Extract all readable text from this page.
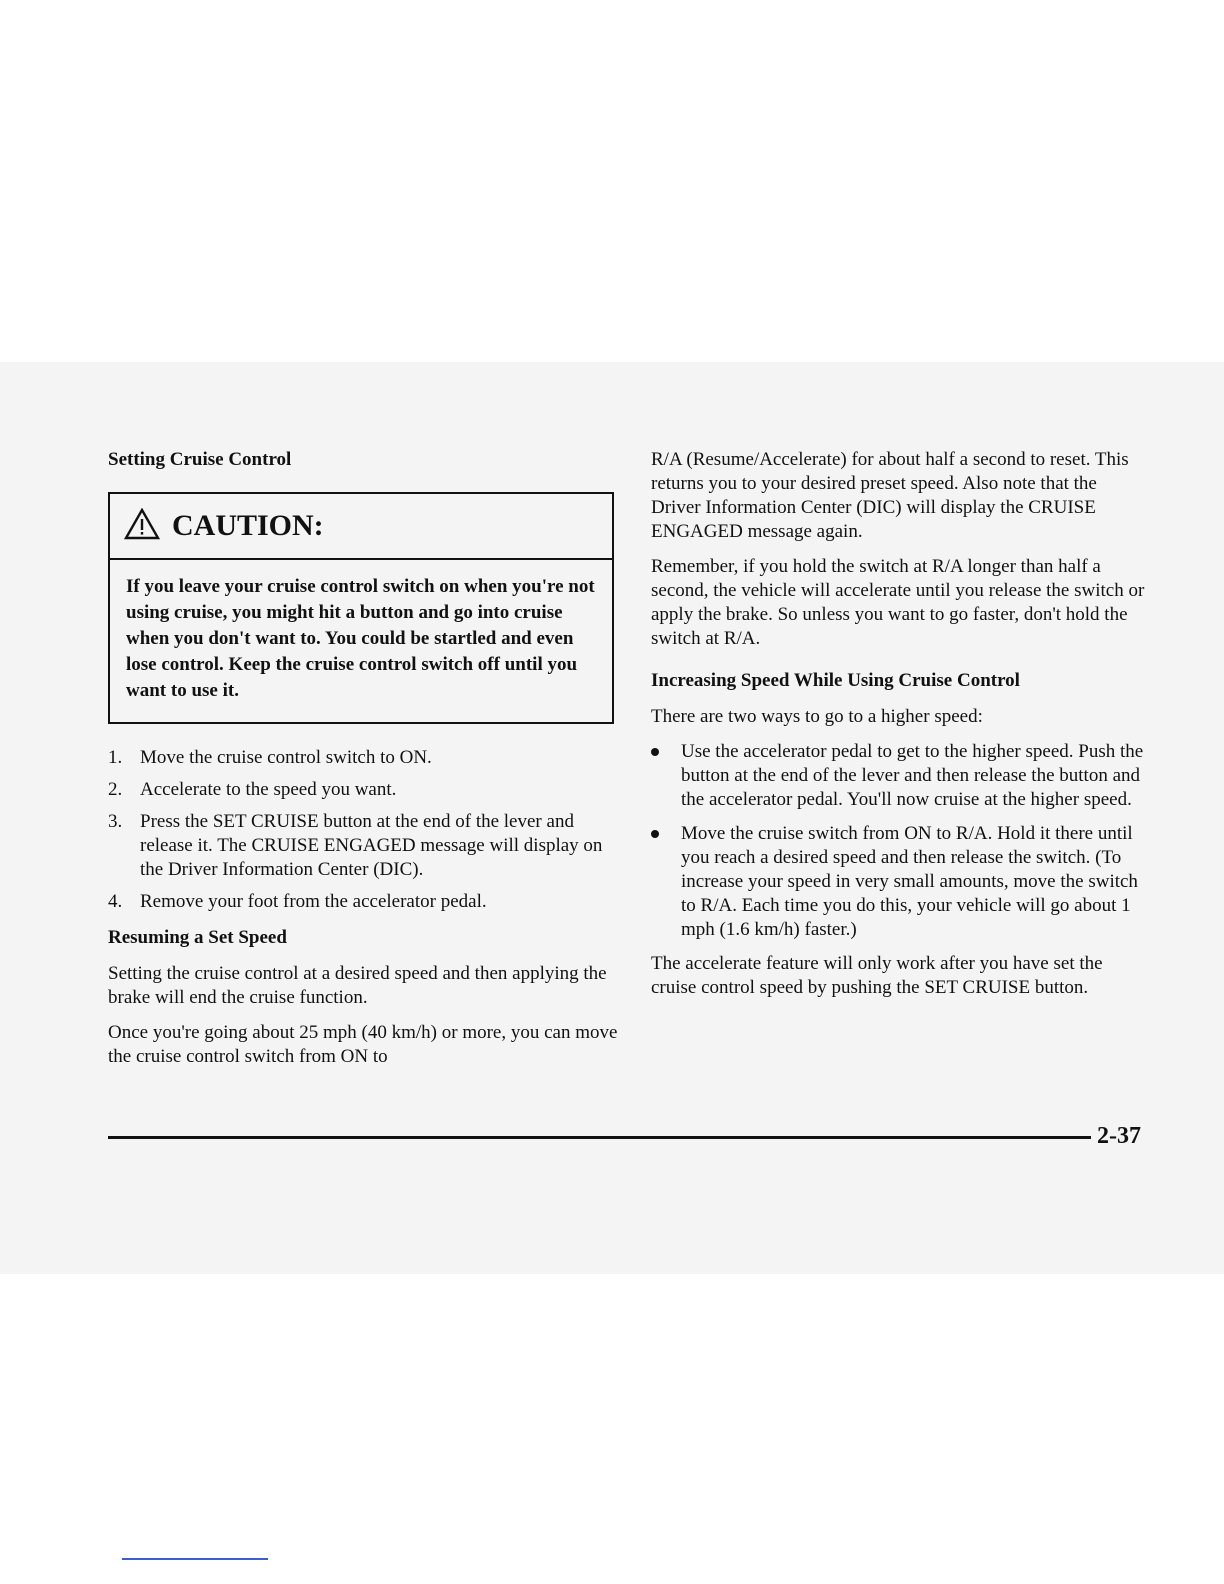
Setting Cruise Control
CAUTION:
If you leave your cruise control switch on when you're not using cruise, you might hit a button and go into cruise when you don't want to. You could be startled and even lose control. Keep the cruise control switch off until you want to use it.
1. Move the cruise control switch to ON.
2. Accelerate to the speed you want.
3. Press the SET CRUISE button at the end of the lever and release it. The CRUISE ENGAGED message will display on the Driver Information Center (DIC).
4. Remove your foot from the accelerator pedal.
Resuming a Set Speed
Setting the cruise control at a desired speed and then applying the brake will end the cruise function.
Once you're going about 25 mph (40 km/h) or more, you can move the cruise control switch from ON to
R/A (Resume/Accelerate) for about half a second to reset. This returns you to your desired preset speed. Also note that the Driver Information Center (DIC) will display the CRUISE ENGAGED message again.
Remember, if you hold the switch at R/A longer than half a second, the vehicle will accelerate until you release the switch or apply the brake. So unless you want to go faster, don't hold the switch at R/A.
Increasing Speed While Using Cruise Control
There are two ways to go to a higher speed:
Use the accelerator pedal to get to the higher speed. Push the button at the end of the lever and then release the button and the accelerator pedal. You'll now cruise at the higher speed.
Move the cruise switch from ON to R/A. Hold it there until you reach a desired speed and then release the switch. (To increase your speed in very small amounts, move the switch to R/A. Each time you do this, your vehicle will go about 1 mph (1.6 km/h) faster.)
The accelerate feature will only work after you have set the cruise control speed by pushing the SET CRUISE button.
2-37
